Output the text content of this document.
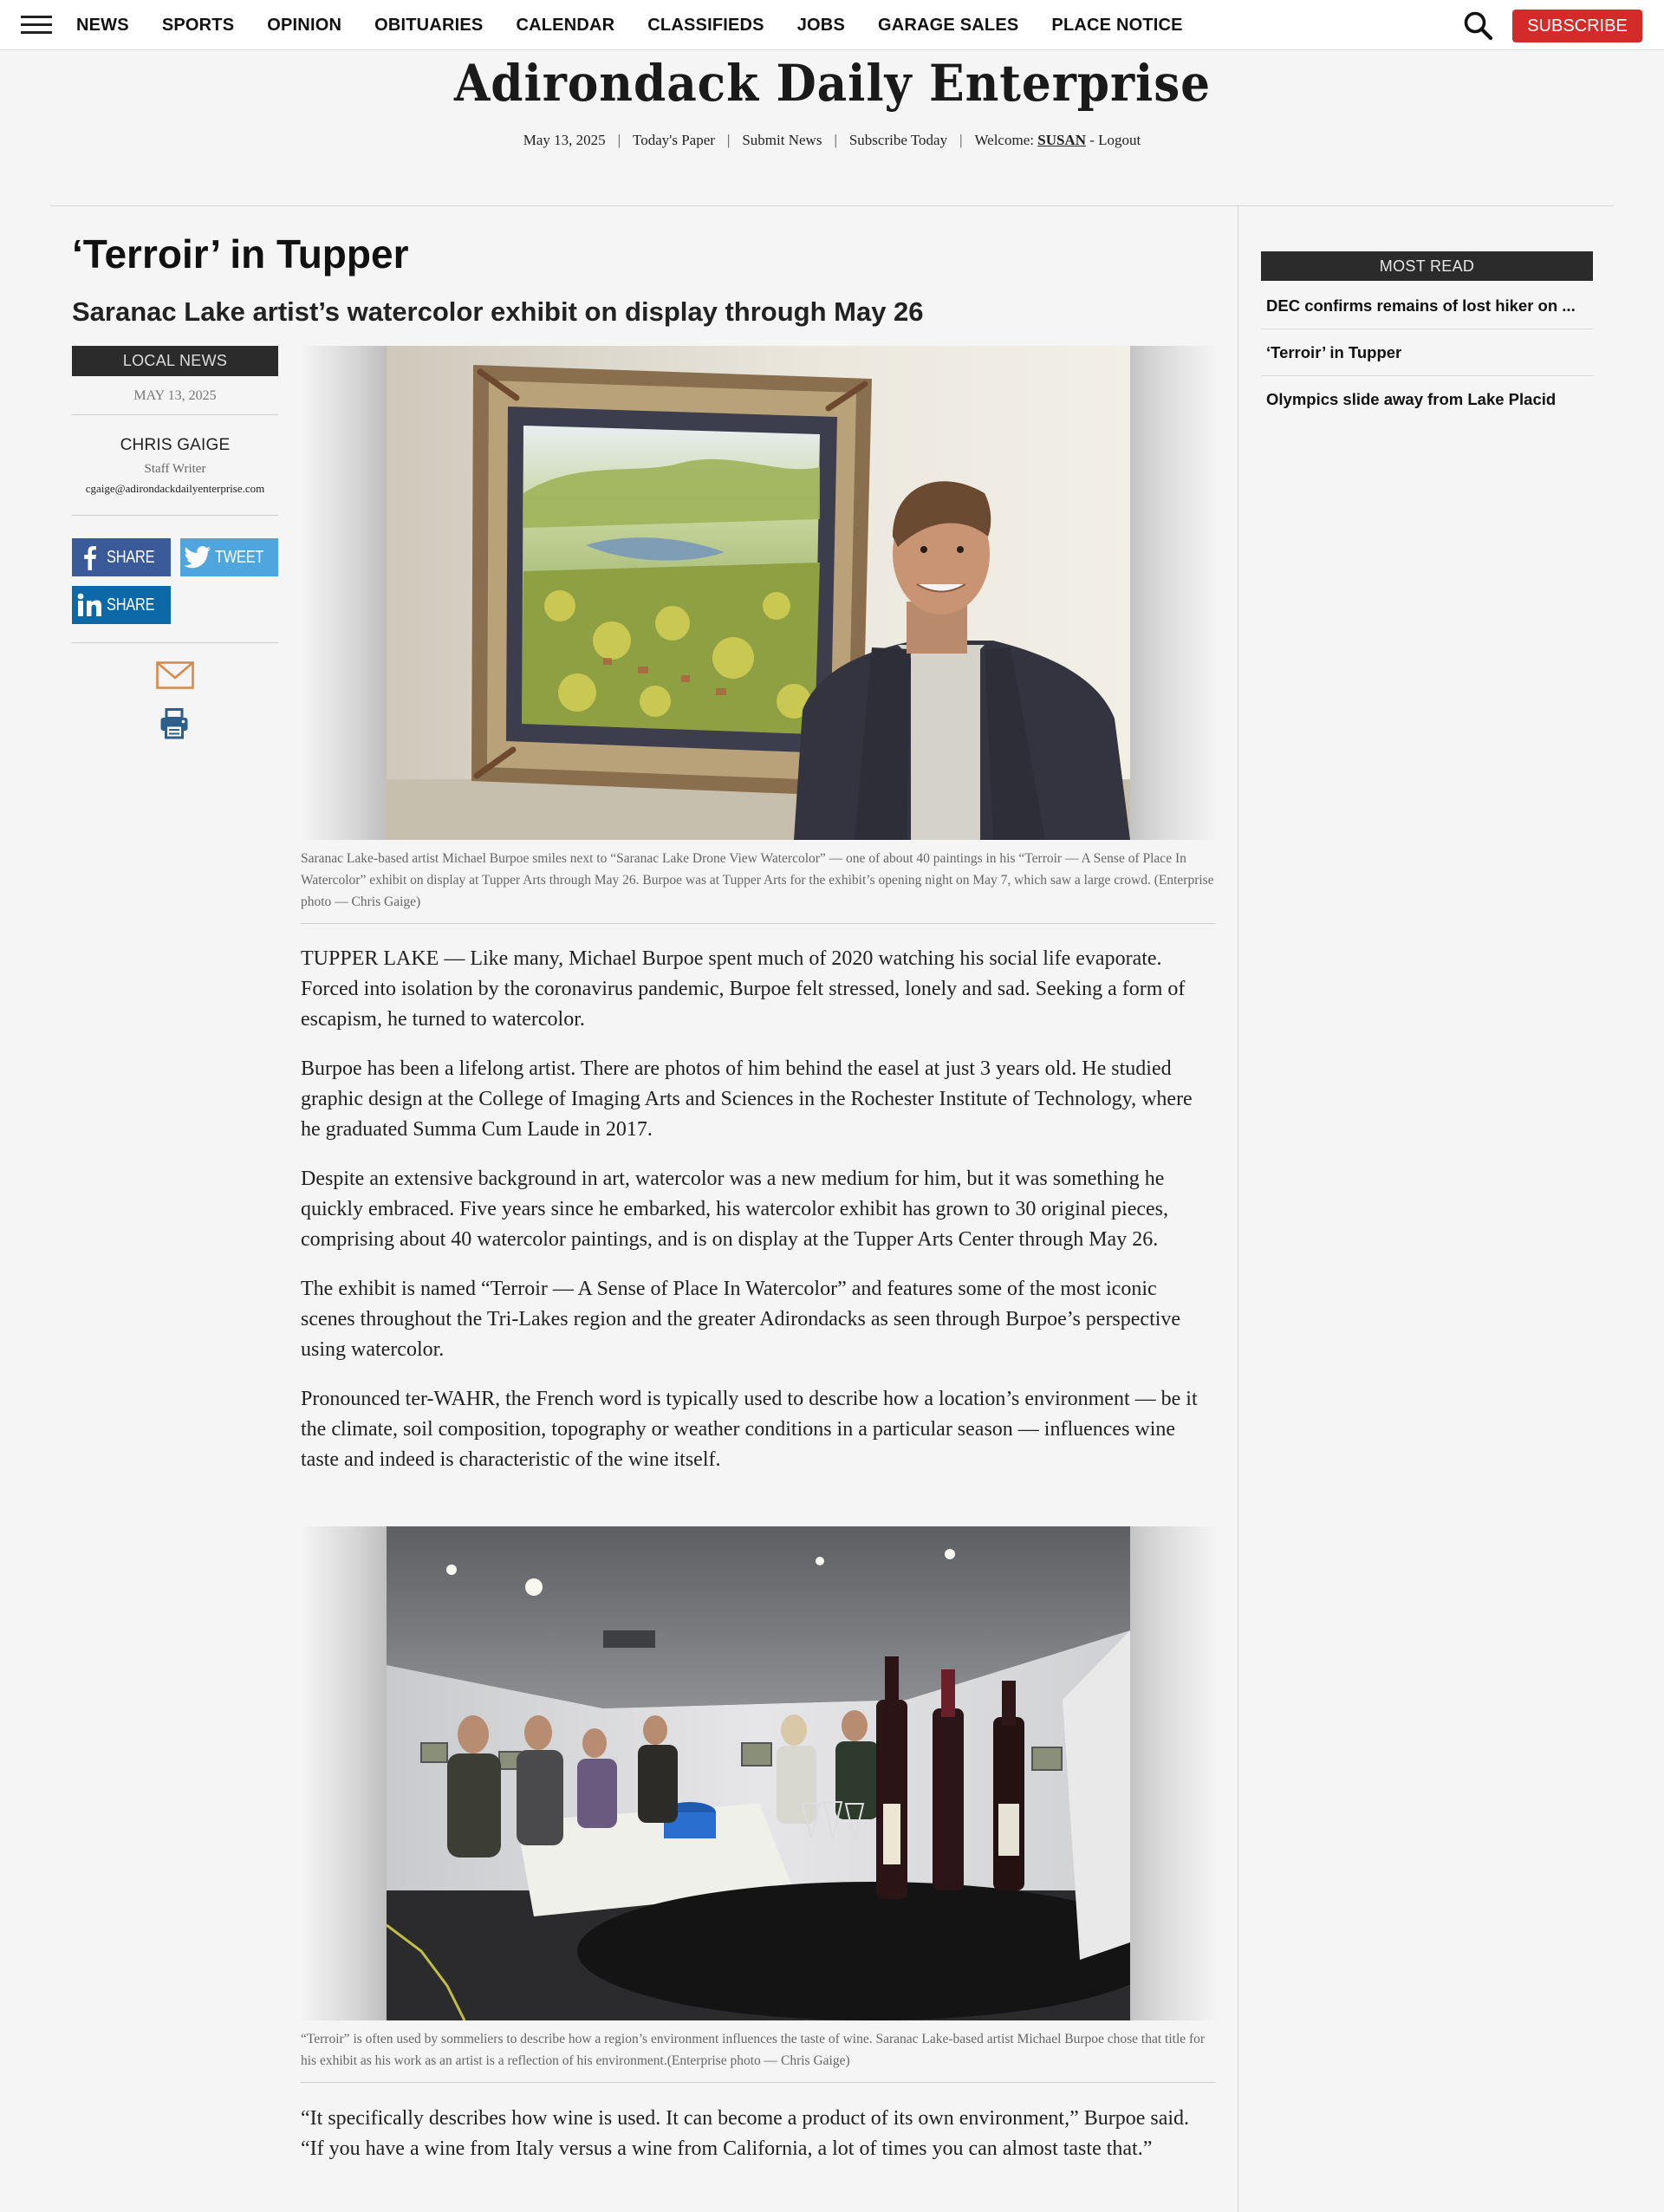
NEWS SPORTS OPINION OBITUARIES CALENDAR CLASSIFIEDS JOBS GARAGE SALES PLACE NOTICE	SUBSCRIBE
Adirondack Daily Enterprise
May 13, 2025 | Today's Paper | Submit News | Subscribe Today | Welcome: SUSAN - Logout
‘Terroir’ in Tupper
Saranac Lake artist’s watercolor exhibit on display through May 26
LOCAL NEWS
MAY 13, 2025
CHRIS GAIGE
Staff Writer
cgaige@adirondackdailyenterprise.com
SHARE	TWEET
SHARE
Saranac Lake-based artist Michael Burpoe smiles next to “Saranac Lake Drone View Watercolor” — one of about 40 paintings in his “Terroir — A Sense of Place In Watercolor” exhibit on display at Tupper Arts through May 26. Burpoe was at Tupper Arts for the exhibit’s opening night on May 7, which saw a large crowd. (Enterprise photo — Chris Gaige)

TUPPER LAKE — Like many, Michael Burpoe spent much of 2020 watching his social life evaporate. Forced into isolation by the coronavirus pandemic, Burpoe felt stressed, lonely and sad. Seeking a form of escapism, he turned to watercolor.

Burpoe has been a lifelong artist. There are photos of him behind the easel at just 3 years old. He studied graphic design at the College of Imaging Arts and Sciences in the Rochester Institute of Technology, where he graduated Summa Cum Laude in 2017.

Despite an extensive background in art, watercolor was a new medium for him, but it was something he quickly embraced. Five years since he embarked, his watercolor exhibit has grown to 30 original pieces, comprising about 40 watercolor paintings, and is on display at the Tupper Arts Center through May 26.

The exhibit is named “Terroir — A Sense of Place In Watercolor” and features some of the most iconic scenes throughout the Tri-Lakes region and the greater Adirondacks as seen through Burpoe’s perspective using watercolor.

Pronounced ter-WAHR, the French word is typically used to describe how a location’s environment — be it the climate, soil composition, topography or weather conditions in a particular season — influences wine taste and indeed is characteristic of the wine itself.

“Terroir” is often used by sommeliers to describe how a region’s environment influences the taste of wine. Saranac Lake-based artist Michael Burpoe chose that title for his exhibit as his work as an artist is a reflection of his environment.(Enterprise photo — Chris Gaige)

“It specifically describes how wine is used. It can become a product of its own environment,” Burpoe said. “If you have a wine from Italy versus a wine from California, a lot of times you can almost taste that.”

MOST READ
DEC confirms remains of lost hiker on ...
‘Terroir’ in Tupper
Olympics slide away from Lake Placid
